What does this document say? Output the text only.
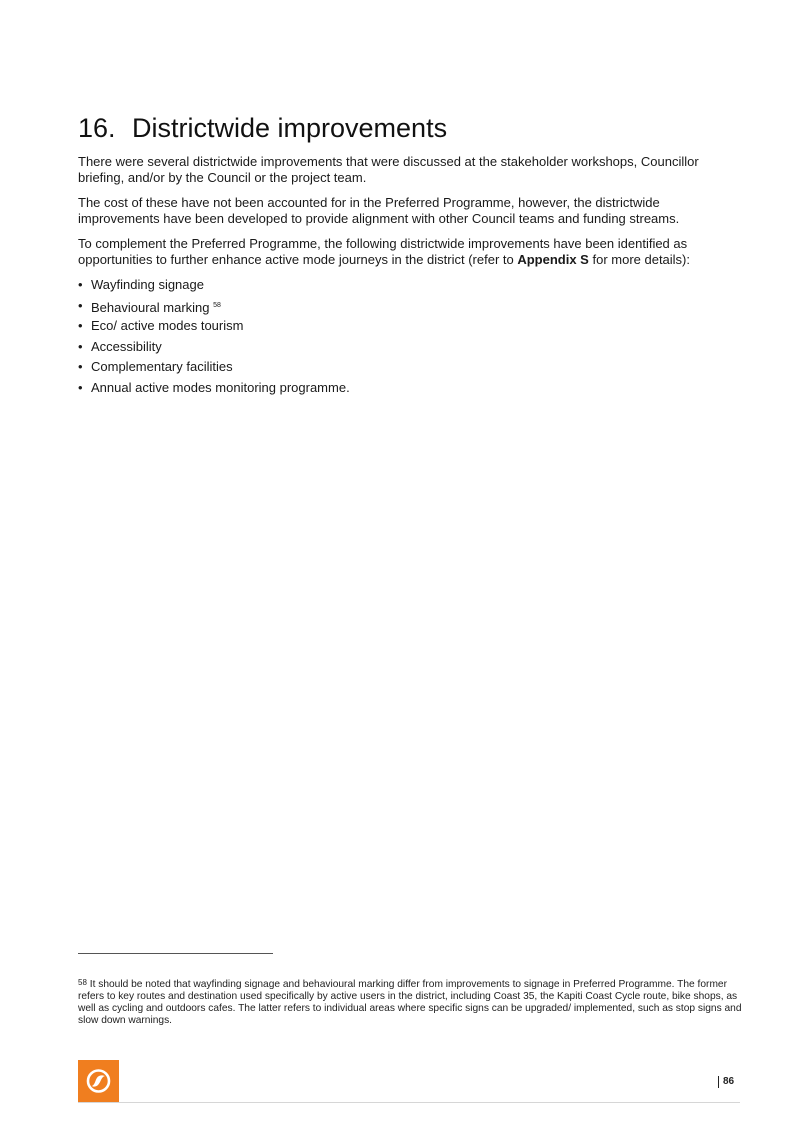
16. Districtwide improvements

There were several districtwide improvements that were discussed at the stakeholder workshops, Councillor briefing, and/or by the Council or the project team.

The cost of these have not been accounted for in the Preferred Programme, however, the districtwide improvements have been developed to provide alignment with other Council teams and funding streams.

To complement the Preferred Programme, the following districtwide improvements have been identified as opportunities to further enhance active mode journeys in the district (refer to Appendix S for more details):

• Wayfinding signage
• Behavioural marking $^{58}$
• Eco/ active modes tourism
• Accessibility
• Complementary facilities
• Annual active modes monitoring programme.
$^{58}$ It should be noted that wayfinding signage and behavioural marking differ from improvements to signage in Preferred Programme. The former refers to key routes and destination used specifically by active users in the district, including Coast 35, the Kapiti Coast Cycle route, bike shops, as well as cycling and outdoors cafes. The latter refers to individual areas where specific signs can be upgraded/ implemented, such as stop signs and slow down warnings.
86
